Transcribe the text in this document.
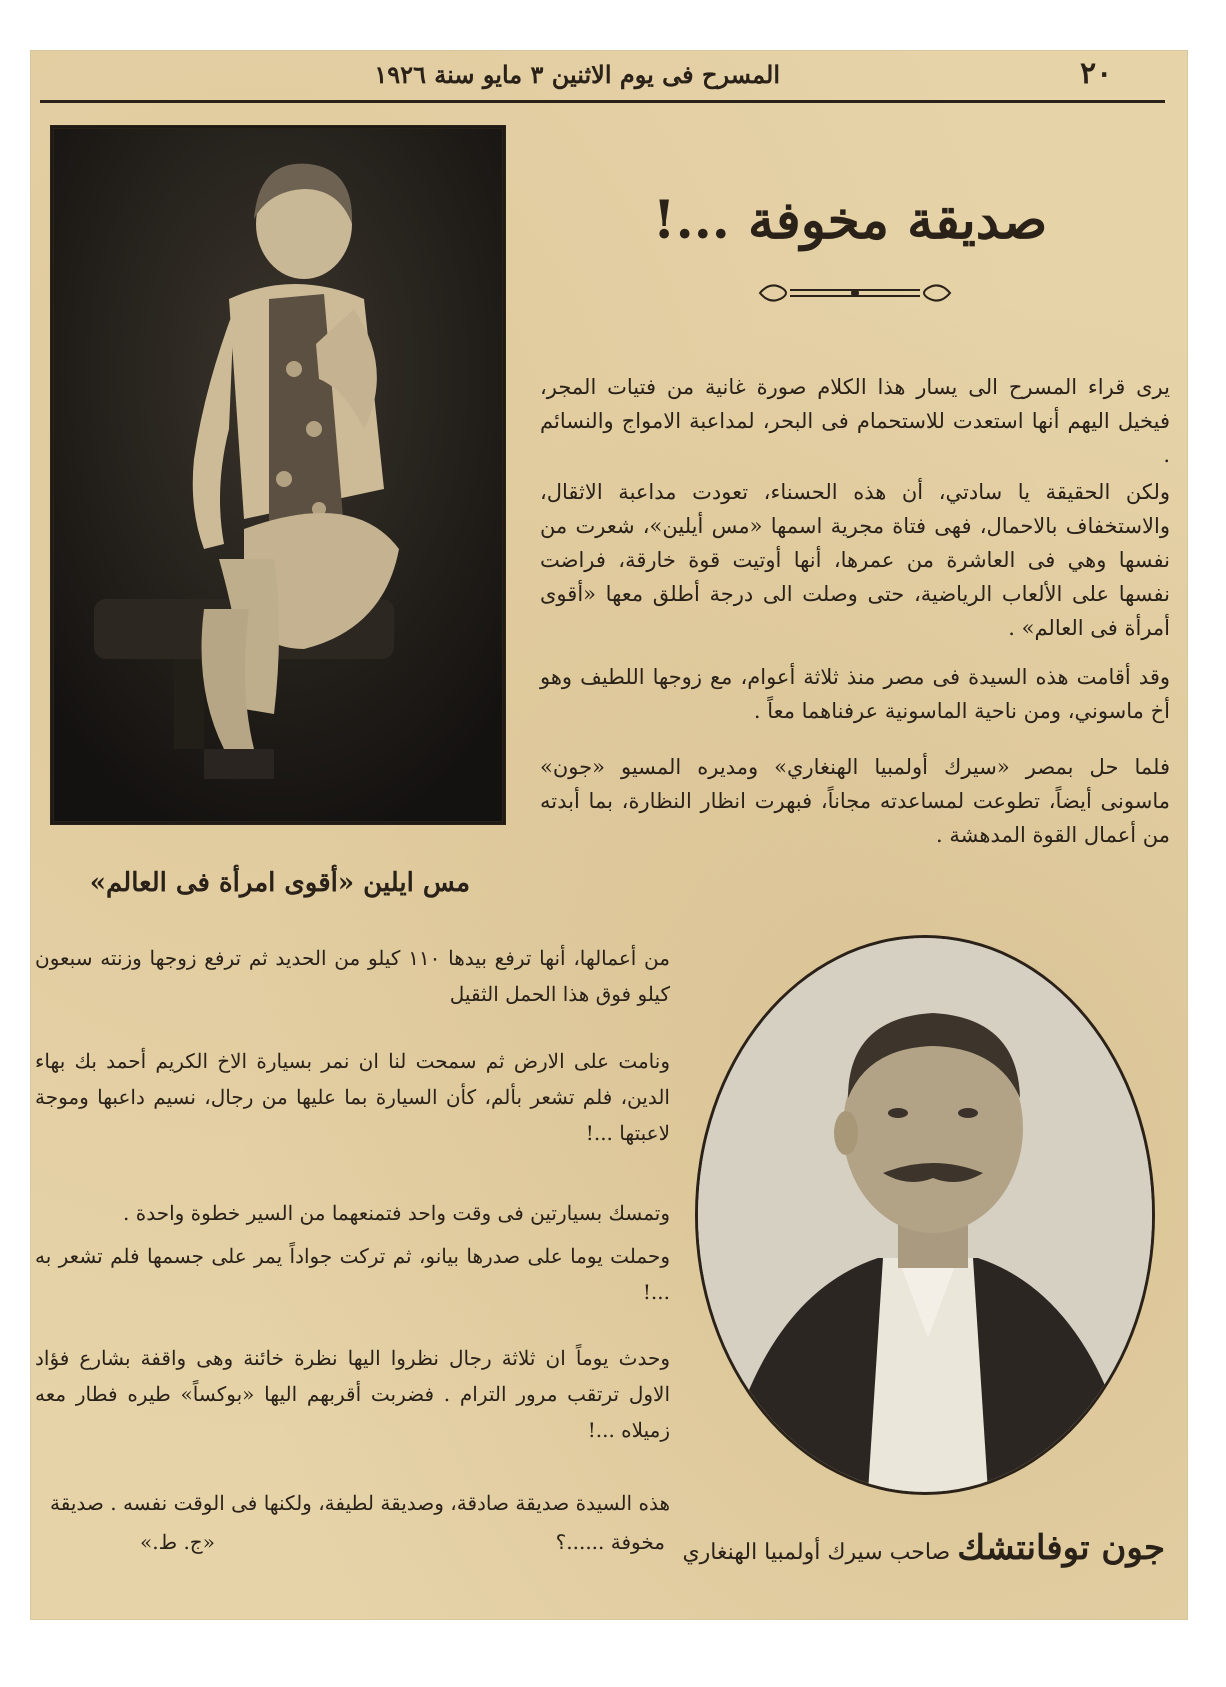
٢٠
المسرح فى يوم الاثنين ٣ مايو سنة ١٩٢٦
صديقة مخوفة ...!
يرى قراء المسرح الى يسار هذا الكلام صورة غانية من فتيات المجر، فيخيل اليهم أنها استعدت للاستحمام فى البحر، لمداعبة الامواج والنسائم .
ولكن الحقيقة يا سادتي، أن هذه الحسناء، تعودت مداعبة الاثقال، والاستخفاف بالاحمال، فهى فتاة مجرية اسمها «مس أيلين»، شعرت من نفسها وهي فى العاشرة من عمرها، أنها أوتيت قوة خارقة، فراضت نفسها على الألعاب الرياضية، حتى وصلت الى درجة أطلق معها «أقوى أمرأة فى العالم» .
وقد أقامت هذه السيدة فى مصر منذ ثلاثة أعوام، مع زوجها اللطيف وهو أخ ماسوني، ومن ناحية الماسونية عرفناهما معاً .
فلما حل بمصر «سيرك أولمبيا الهنغاري» ومديره المسيو «جون» ماسونى أيضاً، تطوعت لمساعدته مجاناً، فبهرت انظار النظارة، بما أبدته من أعمال القوة المدهشة .
مس ايلين «أقوى امرأة فى العالم»
من أعمالها، أنها ترفع بيدها ١١٠ كيلو من الحديد ثم ترفع زوجها وزنته سبعون كيلو فوق هذا الحمل الثقيل
ونامت على الارض ثم سمحت لنا ان نمر بسيارة الاخ الكريم أحمد بك بهاء الدين، فلم تشعر بألم، كأن السيارة بما عليها من رجال، نسيم داعبها وموجة لاعبتها ...!
وتمسك بسيارتين فى وقت واحد فتمنعهما من السير خطوة واحدة .
وحملت يوما على صدرها بيانو، ثم تركت جواداً يمر على جسمها فلم تشعر به ...!
وحدث يوماً ان ثلاثة رجال نظروا اليها نظرة خائنة وهى واقفة بشارع فؤاد الاول ترتقب مرور الترام . فضربت أقربهم اليها «بوكساً» طيره فطار معه زميلاه ...!
هذه السيدة صديقة صادقة، وصديقة لطيفة، ولكنها فى الوقت نفسه . صديقة
مخوفة ......؟
«ج. ط.»	جون توفانتشك صاحب سيرك أولمبيا الهنغاري
